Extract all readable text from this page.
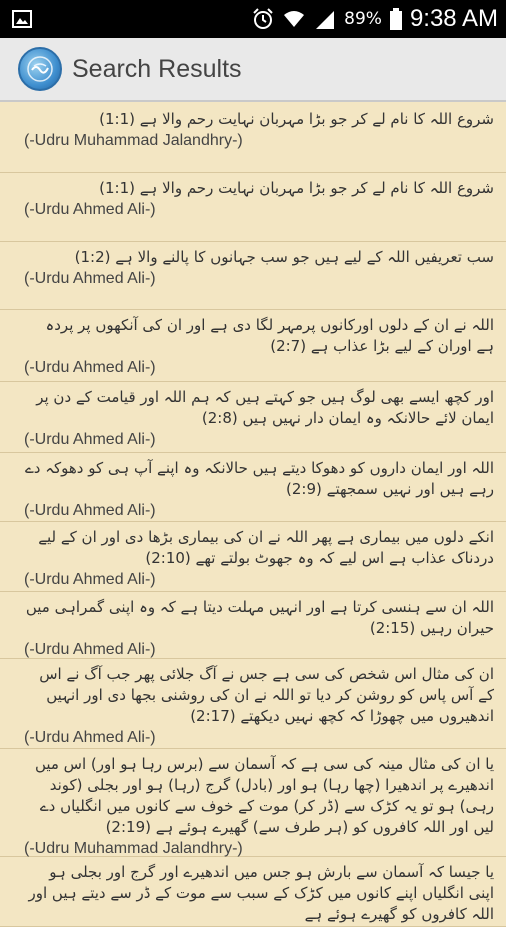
89% 9:38 AM
Search Results
شروع اللہ کا نام لے کر جو بڑا مہربان نہایت رحم والا ہے (1:1)
(-Udru Muhammad Jalandhry-)
شروع اللہ کا نام لے کر جو بڑا مہربان نہایت رحم والا ہے (1:1)
(-Urdu Ahmed Ali-)
سب تعریفیں اللہ کے لیے ہیں جو سب جہانوں کا پالنے والا ہے (1:2)
(-Urdu Ahmed Ali-)
اللہ نے ان کے دلوں اورکانوں پرمہر لگا دی ہے اور ان کی آنکھوں پر پردہ ہے اوران کے لیے بڑا عذاب ہے (2:7)
(-Urdu Ahmed Ali-)
اور کچھ ایسے بھی لوگ ہیں جو کہتے ہیں کہ ہم اللہ اور قیامت کے دن پر ایمان لائے حالانکہ وہ ایمان دار نہیں ہیں (2:8)
(-Urdu Ahmed Ali-)
اللہ اور ایمان داروں کو دھوکا دیتے ہیں حالانکہ وہ اپنے آپ ہی کو دھوکہ دے رہے ہیں اور نہیں سمجھتے (2:9)
(-Urdu Ahmed Ali-)
انکے دلوں میں بیماری ہے پھر اللہ نے ان کی بیماری بڑھا دی اور ان کے لیے دردناک عذاب ہے اس لیے کہ وہ جھوٹ بولتے تھے (2:10)
(-Urdu Ahmed Ali-)
اللہ ان سے ہنسی کرتا ہے اور انہیں مہلت دیتا ہے کہ وہ اپنی گمراہی میں حیران رہیں (2:15)
(-Urdu Ahmed Ali-)
ان کی مثال اس شخص کی سی ہے جس نے آگ جلائی پھر جب آگ نے اس کے آس پاس کو روشن کر دیا تو اللہ نے ان کی روشنی بجھا دی اور انہیں اندھیروں میں چھوڑا کہ کچھ نہیں دیکھتے (2:17)
(-Urdu Ahmed Ali-)
یا ان کی مثال مینہ کی سی ہے کہ آسمان سے (برس رہا ہو اور) اس میں اندھیرے پر اندھیرا (چھا رہا) ہو اور (بادل) گرج (رہا) ہو اور بجلی (کوند رہی) ہو تو یہ کڑک سے (ڈر کر) موت کے خوف سے کانوں میں انگلیاں دے لیں اور اللہ کافروں کو (ہر طرف سے) گھیرے ہوئے ہے (2:19)
(-Udru Muhammad Jalandhry-)
یا جیسا کہ آسمان سے بارش ہو جس میں اندھیرے اور گرج اور بجلی ہو اپنی انگلیاں اپنے کانوں میں کڑک کے سبب سے موت کے ڈر سے دیتے ہیں اور اللہ کافروں کو گھیرے ہوئے ہے
